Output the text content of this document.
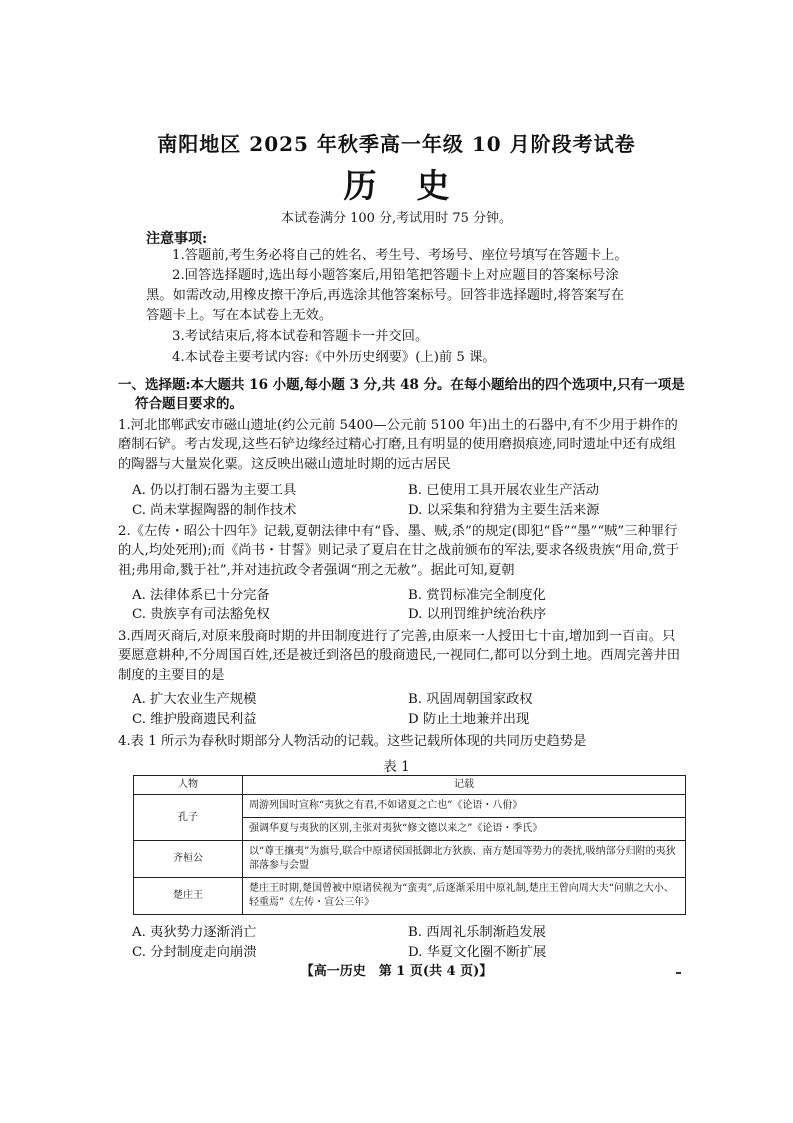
南阳地区 2025 年秋季高一年级 10 月阶段考试卷
历史
本试卷满分 100 分,考试用时 75 分钟。
注意事项:
1.答题前,考生务必将自己的姓名、考生号、考场号、座位号填写在答题卡上。
2.回答选择题时,选出每小题答案后,用铅笔把答题卡上对应题目的答案标号涂
黑。如需改动,用橡皮擦干净后,再选涂其他答案标号。回答非选择题时,将答案写在
答题卡上。写在本试卷上无效。
3.考试结束后,将本试卷和答题卡一并交回。
4.本试卷主要考试内容:《中外历史纲要》(上)前 5 课。
一、选择题:本大题共 16 小题,每小题 3 分,共 48 分。在每小题给出的四个选项中,只有一项是
符合题目要求的。
1.河北邯郸武安市磁山遗址(约公元前 5400—公元前 5100 年)出土的石器中,有不少用于耕作的磨制石铲。考古发现,这些石铲边缘经过精心打磨,且有明显的使用磨损痕迹,同时遗址中还有成组的陶器与大量炭化粟。这反映出磁山遗址时期的远古居民
A. 仍以打制石器为主要工具	B. 已使用工具开展农业生产活动
C. 尚未掌握陶器的制作技术	D. 以采集和狩猎为主要生活来源
2.《左传・昭公十四年》记载,夏朝法律中有“昏、墨、贼,杀”的规定(即犯“昏”“墨”“贼”三种罪行的人,均处死刑);而《尚书・甘誓》则记录了夏启在甘之战前颁布的军法,要求各级贵族“用命,赏于祖;弗用命,戮于社”,并对违抗政令者强调“刑之无赦”。据此可知,夏朝
A. 法律体系已十分完备	B. 赏罚标准完全制度化
C. 贵族享有司法豁免权	D. 以刑罚维护统治秩序
3.西周灭商后,对原来殷商时期的井田制度进行了完善,由原来一人授田七十亩,增加到一百亩。只要愿意耕种,不分周国百姓,还是被迁到洛邑的殷商遗民,一视同仁,都可以分到土地。西周完善井田制度的主要目的是
A. 扩大农业生产规模	B. 巩固周朝国家政权
C. 维护殷商遗民利益	D 防止土地兼并出现
4.表 1 所示为春秋时期部分人物活动的记载。这些记载所体现的共同历史趋势是
表 1
人物	记载
孔子	周游列国时宣称“夷狄之有君,不如诸夏之亡也”《论语・八佾》
	强调华夏与夷狄的区别,主张对夷狄“修文德以来之”《论语・季氏》
齐桓公	以“尊王攘夷”为旗号,联合中原诸侯国抵御北方狄族、南方楚国等势力的袭扰,吸纳部分归附的夷狄部落参与会盟
楚庄王	楚庄王时期,楚国曾被中原诸侯视为“蛮夷”,后逐渐采用中原礼制,楚庄王曾向周大夫“问鼎之大小、轻重焉”《左传・宣公三年》
A. 夷狄势力逐渐消亡	B. 西周礼乐制渐趋发展
C. 分封制度走向崩溃	D. 华夏文化圈不断扩展
【高一历史　第 1 页(共 4 页)】
